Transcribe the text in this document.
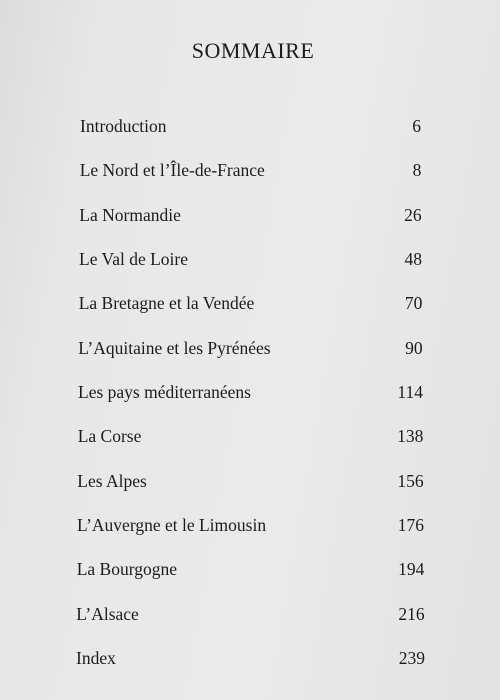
SOMMAIRE
Introduction	6
Le Nord et l’Île-de-France	8
La Normandie	26
Le Val de Loire	48
La Bretagne et la Vendée	70
L’Aquitaine et les Pyrénées	90
Les pays méditerranéens	114
La Corse	138
Les Alpes	156
L’Auvergne et le Limousin	176
La Bourgogne	194
L’Alsace	216
Index	239
